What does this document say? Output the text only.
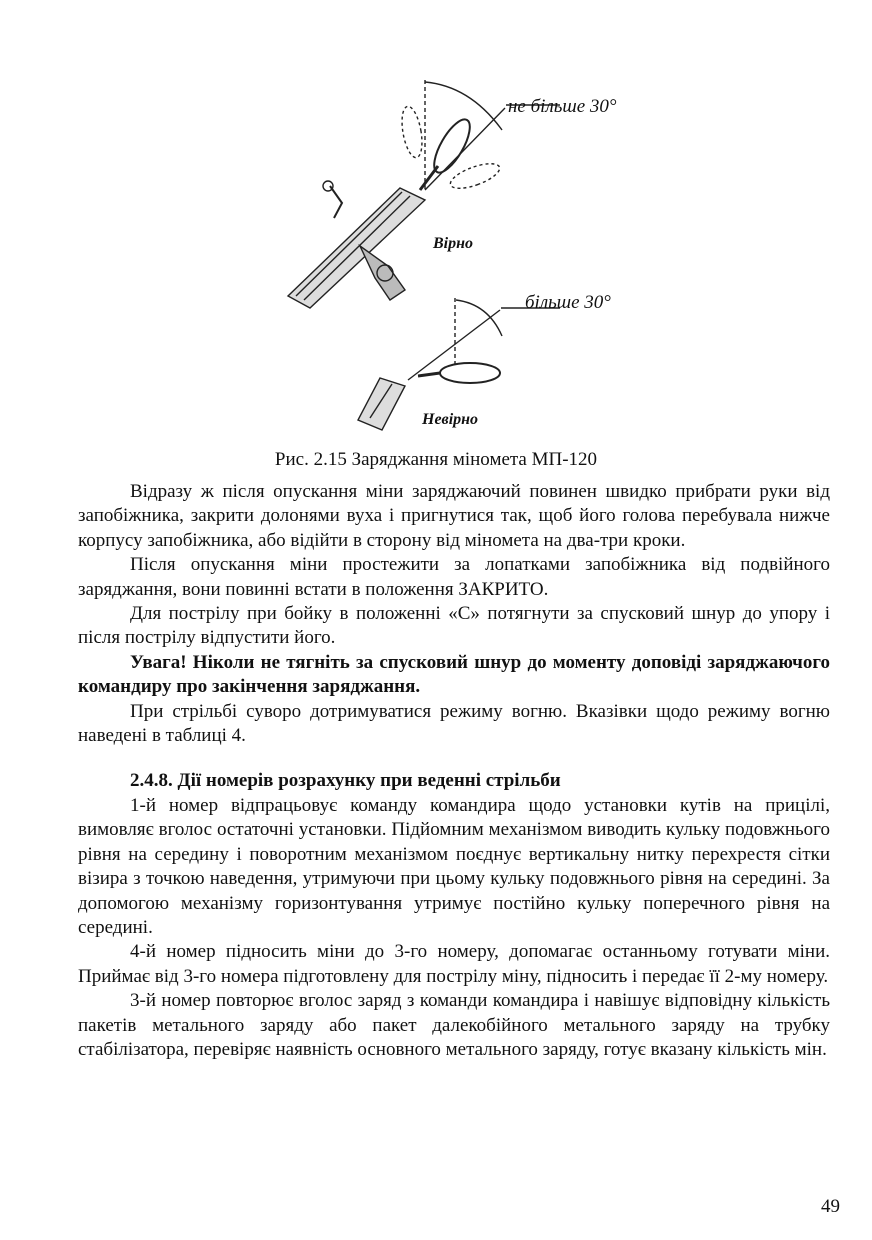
не більше 30°
більше 30°
Вірно
Невірно
Рис. 2.15 Заряджання міномета МП-120

Відразу ж після опускання міни заряджаючий повинен швидко прибрати руки від запобіжника, закрити долонями вуха і пригнутися так, щоб його голова перебувала нижче корпусу запобіжника, або відійти в сторону від міномета на два-три кроки.

Після опускання міни простежити за лопатками запобіжника від подвійного заряджання, вони повинні встати в положення ЗАКРИТО.

Для пострілу при бойку в положенні «С» потягнути за спусковий шнур до упору і після пострілу відпустити його.

Увага! Ніколи не тягніть за спусковий шнур до моменту доповіді заряджаючого командиру про закінчення заряджання.

При стрільбі суворо дотримуватися режиму вогню. Вказівки щодо режиму вогню наведені в таблиці 4.

2.4.8. Дії номерів розрахунку при веденні стрільби

1-й номер відпрацьовує команду командира щодо установки кутів на прицілі, вимовляє вголос остаточні установки. Підйомним механізмом виводить кульку подовжнього рівня на середину і поворотним механізмом поєднує вертикальну нитку перехрестя сітки візира з точкою наведення, утримуючи при цьому кульку подовжнього рівня на середині. За допомогою механізму горизонтування утримує постійно кульку поперечного рівня на середині.

4-й номер підносить міни до 3-го номеру, допомагає останньому готувати міни. Приймає від 3-го номера підготовлену для пострілу міну, підносить і передає її 2-му номеру.

3-й номер повторює вголос заряд з команди командира і навішує відповідну кількість пакетів метального заряду або пакет далекобійного метального заряду на трубку стабілізатора, перевіряє наявність основного метального заряду, готує вказану кількість мін.

49
